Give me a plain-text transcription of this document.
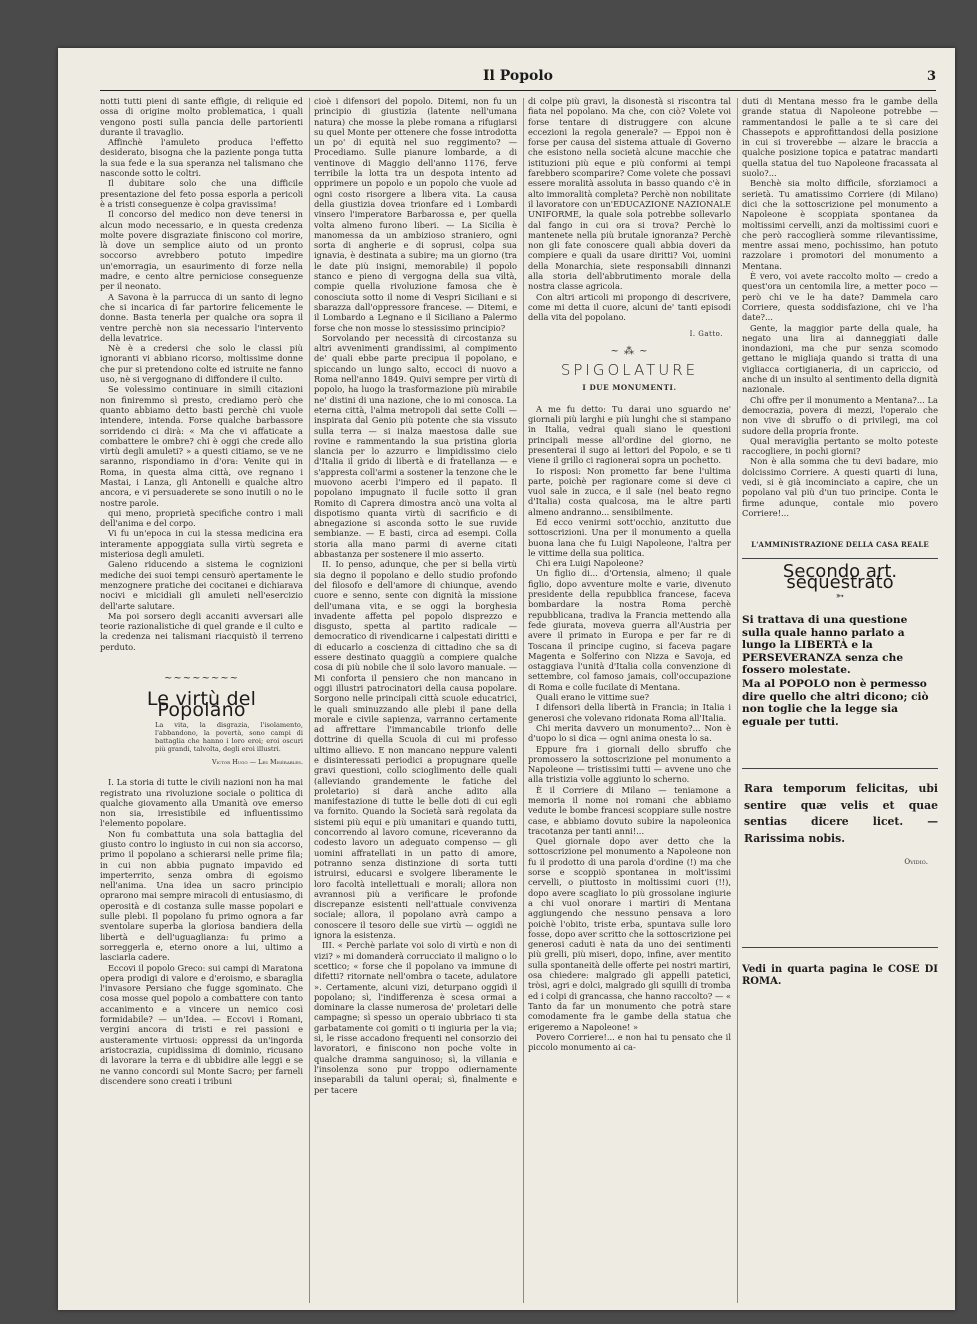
Il Popolo	3

notti tutti pieni di sante effigie, di reliquie ed ossa di origine molto problematica, i quali vengono posti sulla pancia delle partorienti durante il travaglio.

Affinchè l'amuleto produca l'effetto desiderato, bisogna che la paziente ponga tutta la sua fede e la sua speranza nel talismano che nasconde sotto le coltri.

Il dubitare solo che una difficile presentazione del feto possa esporla a pericoli è a tristi conseguenze è colpa gravissima!

Il concorso del medico non deve tenersi in alcun modo necessario, e in questa credenza molte povere disgraziate finiscono col morire, là dove un semplice aiuto od un pronto soccorso avrebbero potuto impedire un'emorragia, un esaurimento di forze nella madre, e cento altre perniciose conseguenze per il neonato.

A Savona è la parrucca di un santo di legno che si incarica di far partorire felicemente le donne. Basta tenerla per qualche ora sopra il ventre perchè non sia necessario l'intervento della levatrice.

Nè è a credersi che solo le classi più ignoranti vi abbiano ricorso, moltissime donne che pur si pretendono colte ed istruite ne fanno uso, nè si vergognano di diffondere il culto.

Se volessimo continuare in simili citazioni non finiremmo sì presto, crediamo però che quanto abbiamo detto basti perchè chi vuole intendere, intenda. Forse qualche barbassore sorridendo ci dirà: « Ma che vi affaticate a combattere le ombre? chi è oggi che crede allo virtù degli amuleti? » a questi citiamo, se ve ne saranno, rispondiamo in d'ora: Venite qui in Roma, in questa alma città, ove regnano i Mastai, i Lanza, gli Antonelli e qualche altro ancora, e vi persuaderete se sono inutili o no le nostre parole.

qui meno, proprietà specifiche contro i mali dell'anima e del corpo.

Vi fu un'epoca in cui la stessa medicina era interamente appoggiata sulla virtù segreta e misteriosa degli amuleti.

Galeno riducendo a sistema le cognizioni mediche dei suoi tempi censurò apertamente le menzognere pratiche dei cocitanei e dichiarava nocivi e micidiali gli amuleti nell'esercizio dell'arte salutare.

Ma poi sorsero degli accaniti avversari alle teorie razionalistiche di quel grande e il culto e la credenza nei talismani riacquistò il terreno perduto.

~~~~~~~~
Le virtù del Popolano
La vita, la disgrazia, l'isolamento, l'abbandono, la povertà, sono campi di battaglia che hanno i loro eroi; eroi oscuri più grandi, talvolta, degli eroi illustri.
Victor Hugo — Les Misérables.

I. La storia di tutte le civili nazioni non ha mai registrato una rivoluzione sociale o politica di qualche giovamento alla Umanità ove emerso non sia, irresistibile ed influentissimo l'elemento popolare.

Non fu combattuta una sola battaglia del giusto contro lo ingiusto in cui non sia accorso, primo il popolano a schierarsi nelle prime fila; in cui non abbia pugnato impavido ed imperterrito, senza ombra di egoismo nell'anima. Una idea un sacro principio oprarono mai sempre miracoli di entusiasmo, di operosità e di costanza sulle masse popolari e sulle plebi. Il popolano fu primo ognora a far sventolare superba la gloriosa bandiera della libertà e dell'uguaglianza: fu primo a sorreggerla e, eterno onore a lui, ultimo a lasciarla cadere.

Eccovi il popolo Greco: sui campi di Maratona opera prodigi di valore e d'eroismo, e sbaraglia l'invasore Persiano che fugge sgominato. Che cosa mosse quel popolo a combattere con tanto accanimento e a vincere un nemico così formidabile? — un'Idea. — Eccovi i Romani, vergini ancora di tristi e rei passioni e austeramente virtuosi: oppressi da un'ingorda aristocrazia, cupidissima di dominio, ricusano di lavorare la terra e di ubbidire alle leggi e se ne vanno concordi sul Monte Sacro; per farneli discendere sono creati i tribuni

cioè i difensori del popolo. Ditemi, non fu un principio di giustizia (latente nell'umana natura) che mosse la plebe romana a rifugiarsi su quel Monte per ottenere che fosse introdotta un po' di equità nel suo reggimento? — Procediamo. Sulle pianure lombarde, a di ventinove di Maggio dell'anno 1176, ferve terribile la lotta tra un despota intento ad opprimere un popolo e un popolo che vuole ad ogni costo risorgere a libera vita. La causa della giustizia dovea trionfare ed i Lombardi vinsero l'imperatore Barbarossa e, per quella volta almeno furono liberi. — La Sicilia è manomessa da un ambizioso straniero, ogni sorta di angherie e di soprusi, colpa sua ignavia, è destinata a subire; ma un giorno (tra le date più insigni, memorabile) il popolo stanco e pieno di vergogna della sua viltà, compie quella rivoluzione famosa che è conosciuta sotto il nome di Vespri Siciliani e si sbarazza dall'oppressore francese. — Ditemi, e il Lombardo a Legnano e il Siciliano a Palermo forse che non mosse lo stessissimo principio?

Sorvolando per necessità di circostanza su altri avvenimenti grandissimi, al compimento de' quali ebbe parte precipua il popolano, e spiccando un lungo salto, eccoci di nuovo a Roma nell'anno 1849. Quivi sempre per virtù di popolo, ha luogo la trasformazione più mirabile ne' distini di una nazione, che io mi conosca. La eterna città, l'alma metropoli dai sette Colli — inspirata dal Genio più potente che sia vissuto sulla terra — si inalza maestosa dalle sue rovine e rammentando la sua pristina gloria slancia per lo azzurro e limpidissimo cielo d'Italia il grido di libertà e di fratellanza — e s'appresta coll'armi a sostener la tenzone che le muovono acerbi l'impero ed il papato. Il popolano impugnato il fucile sotto il gran Romito di Caprera dimostra ancò una volta al dispotismo quanta virtù di sacrificio e di abnegazione si asconda sotto le sue ruvide sembianze. — E basti, circa ad esempi. Colla storia alla mano parmi di averne citati abbastanza per sostenere il mio asserto.

II. Io penso, adunque, che per si bella virtù sia degno il popolano e dello studio profondo del filosofo e dell'amore di chiunque, avendo cuore e senno, sente con dignità la missione dell'umana vita, e se oggi la borghesia invadente affetta pel popolo disprezzo e disgusto, spetta al partito radicale — democratico di rivendicarne i calpestati diritti e di educarlo a coscienza di cittadino che sa di essere destinato quaggiù a compiere qualche cosa di più nobile che il solo lavoro manuale. — Mi conforta il pensiero che non mancano in oggi illustri patrocinatori della causa popolare. Sorgono nelle principali città scuole educatrici, le quali sminuzzando alle plebi il pane della morale e civile sapienza, varranno certamente ad affrettare l'immancabile trionfo delle dottrine di quella Scuola di cui mi professo ultimo allievo. E non mancano neppure valenti e disinteressati periodici a propugnare quelle gravi questioni, collo scioglimento delle quali (alleviando grandemente le fatiche del proletario) si darà anche adito alla manifestazione di tutte le belle doti di cui egli va fornito. Quando la Società sarà regolata da sistemi più equi e più umanitari e quando tutti, concorrendo al lavoro comune, riceveranno da codesto lavoro un adeguato compenso — gli uomini affratellati in un patto di amore, potranno senza distinzione di sorta tutti istruirsi, educarsi e svolgere liberamente le loro facoltà intellettuali e morali; allora non avrannosi più a verificare le profonde discrepanze esistenti nell'attuale convivenza sociale; allora, il popolano avrà campo a conoscere il tesoro delle sue virtù — oggidì ne ignora la esistenza.

III. « Perchè parlate voi solo di virtù e non di vizi? » mi domanderà corrucciato il maligno o lo scettico; « forse che il popolano va immune di difetti? ritornate nell'ombra o tacete, adulatore ». Certamente, alcuni vizi, deturpano oggidì il popolano; sì, l'indifferenza è scesa ormai a dominare la classe numerosa de' proletari delle campagne; sì spesso un operaio ubbriaco ti sta garbatamente coi gomiti o ti ingiuria per la via; sì, le risse accadono frequenti nel consorzio dei lavoratori, e finiscono non poche volte in qualche dramma sanguinoso; sì, la villania e l'insolenza sono pur troppo odiernamente inseparabili da taluni operai; sì, finalmente e per tacere

di colpe più gravi, la disonestà si riscontra tal fiata nel popolano. Ma che, con ciò? Volete voi forse tentare di distruggere con alcune eccezioni la regola generale? — Eppoi non è forse per causa del sistema attuale di Governo che esistono nella società alcune macchie che istituzioni più eque e più conformi ai tempi farebbero scomparire? Come volete che possavi essere moralità assoluta in basso quando c'è in alto immoralità completa? Perchè non nobilitate il lavoratore con un'EDUCAZIONE NAZIONALE UNIFORME, la quale sola potrebbe sollevarlo dal fango in cui ora si trova? Perchè lo mantenete nella più brutale ignoranza? Perchè non gli fate conoscere quali abbia doveri da compiere e quali da usare diritti? Voi, uomini della Monarchia, siete responsabili dinnanzi alla storia dell'abbrutimento morale della nostra classe agricola.

Con altri articoli mi propongo di descrivere, come mi detta il cuore, alcuni de' tanti episodi della vita del popolano.

I. Gatto.
~ ⁂ ~
SPIGOLATURE
I DUE MONUMENTI.

A me fu detto: Tu darai uno sguardo ne' giornali più larghi e più lunghi che si stampano in Italia, vedrai quali siano le questioni principali messe all'ordine del giorno, ne presenterai il sugo ai lettori del Popolo, e se ti viene il grillo ci ragionerai sopra un pochetto.

Io risposi: Non prometto far bene l'ultima parte, poichè per ragionare come si deve ci vuol sale in zucca, e il sale (nel beato regno d'Italia) costa qualcosa, ma le altre parti almeno andranno... sensibilmente.

Ed ecco venirmi sott'occhio, anzitutto due sottoscrizioni. Una per il monumento a quella buona lana che fu Luigi Napoleone, l'altra per le vittime della sua politica.

Chi era Luigi Napoleone?

Un figlio di... d'Ortensia, almeno; il quale figlio, dopo avventure molte e varie, divenuto presidente della repubblica francese, faceva bombardare la nostra Roma perchè repubblicana, tradiva la Francia mettendo alla fede giurata, moveva guerra all'Austria per avere il primato in Europa e per far re di Toscana il principe cugino, si faceva pagare Magenta e Solferino con Nizza e Savoja, ed ostaggiava l'unità d'Italia colla convenzione di settembre, col famoso jamais, coll'occupazione di Roma e colle fucilate di Mentana.

Quali erano le vittime sue?

I difensori della libertà in Francia; in Italia i generosi che volevano ridonata Roma all'Italia.

Chi merita davvero un monumento?... Non è d'uopo lo si dica — ogni anima onesta lo sa.

Eppure fra i giornali dello sbruffo che promossero la sottoscrizione pel monumento a Napoleone — tristissimi tutti — avvene uno che alla tristizia volle aggiunto lo scherno.

È il Corriere di Milano — teniamone a memoria il nome noi romani che abbiamo vedute le bombe francesi scoppiare sulle nostre case, e abbiamo dovuto subire la napoleonica tracotanza per tanti anni!...

Quel giornale dopo aver detto che la sottoscrizione pel monumento a Napoleone non fu il prodotto di una parola d'ordine (!) ma che sorse e scoppiò spontanea in molt'issimi cervelli, o piuttosto in moltissimi cuori (!!), dopo avere scagliato lo più grossolane ingiurie a chi vuol onorare i martiri di Mentana aggiungendo che nessuno pensava a loro poichè l'obito, triste erba, spuntava sulle loro fosse, dopo aver scritto che la sottoscrizione pei generosi caduti è nata da uno dei sentimenti più grelli, più miseri, dopo, infine, aver mentito sulla spontaneità delle offerte pei nostri martiri, osa chiedere: malgrado gli appelli patetici, tròsi, agri e dolci, malgrado gli squilli di tromba ed i colpi di grancassa, che hanno raccolto? — « Tanto da far un monumento che potrà stare comodamente fra le gambe della statua che erigeremo a Napoleone! »

Povero Corriere!... e non hai tu pensato che il piccolo monumento ai ca-

duti di Mentana messo fra le gambe della grande statua di Napoleone potrebbe — rammentandosi le palle a te sì care dei Chassepots e approfittandosi della posizione in cui si troverebbe — alzare le braccia a qualche posizione topica e patatrac mandarti quella statua del tuo Napoleone fracassata al suolo?...

Benchè sia molto difficile, sforziamoci a serietà. Tu amatissimo Corriere (di Milano) dici che la sottoscrizione pel monumento a Napoleone è scoppiata spontanea da moltissimi cervelli, anzi da moltissimi cuori e che però raccoglierà somme rilevantissime, mentre assai meno, pochissimo, han potuto razzolare i promotori del monumento a Mentana.

È vero, voi avete raccolto molto — credo a quest'ora un centomila lire, a metter poco — però chi ve le ha date? Dammela caro Corriere, questa soddisfazione, chi ve l'ha date?...

Gente, la maggior parte della quale, ha negato una lira ai danneggiati dalle inondazioni, ma che pur senza scomodo gettano le migliaja quando si tratta di una vigliacca cortigianeria, di un capriccio, od anche di un insulto al sentimento della dignità nazionale.

Chi offre per il monumento a Mentana?... La democrazia, povera di mezzi, l'operaio che non vive di sbruffo o di privilegi, ma col sudore della propria fronte.

Qual meraviglia pertanto se molto poteste raccogliere, in pochi giorni?

Non è alla somma che tu devi badare, mio dolcissimo Corriere. A questi quarti di luna, vedi, si è già incominciato a capire, che un popolano val più d'un tuo principe. Conta le firme adunque, contale mio povero Corriere!...

L'AMMINISTRAZIONE DELLA CASA REALE
Secondo art. sequestrato
➳
Si trattava di una questione sulla quale hanno parlato a lungo la LIBERTÀ e la PERSEVERANZA senza che fossero molestate.
Ma al POPOLO non è permesso dire quello che altri dicono; ciò non toglie che la legge sia eguale per tutti.
Rara temporum felicitas, ubi sentire quæ velis et quae sentias dicere licet. — Rarissima nobis.
Ovidio.
Vedi in quarta pagina le COSE DI ROMA.
